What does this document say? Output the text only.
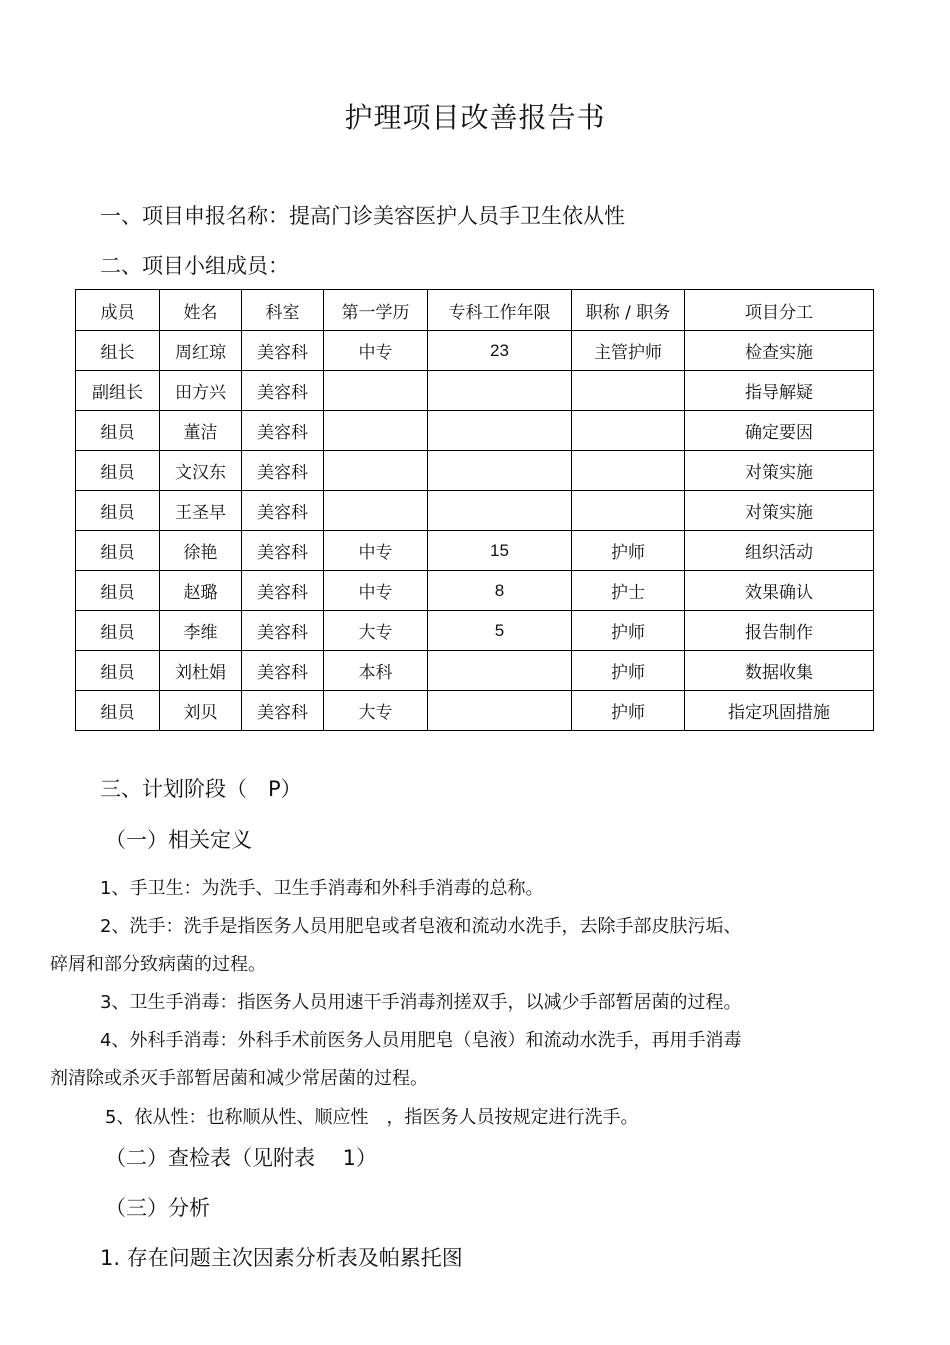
护理项目改善报告书
一、项目申报名称：提高门诊美容医护人员手卫生依从性
二、项目小组成员：
成员	姓名	科室	第一学历	专科工作年限	职称 / 职务	项目分工
组长	周红琼	美容科	中专	23	主管护师	检查实施
副组长	田方兴	美容科				指导解疑
组员	董洁	美容科				确定要因
组员	文汉东	美容科				对策实施
组员	王圣早	美容科				对策实施
组员	徐艳	美容科	中专	15	护师	组织活动
组员	赵璐	美容科	中专	8	护士	效果确认
组员	李维	美容科	大专	5	护师	报告制作
组员	刘杜娟	美容科	本科		护师	数据收集
组员	刘贝	美容科	大专		护师	指定巩固措施
三、计划阶段（　P）
（一）相关定义
1、手卫生：为洗手、卫生手消毒和外科手消毒的总称。
2、洗手：洗手是指医务人员用肥皂或者皂液和流动水洗手，去除手部皮肤污垢、
碎屑和部分致病菌的过程。
3、卫生手消毒：指医务人员用速干手消毒剂搓双手，以减少手部暂居菌的过程。
4、外科手消毒：外科手术前医务人员用肥皂（皂液）和流动水洗手，再用手消毒
剂清除或杀灭手部暂居菌和减少常居菌的过程。
5、依从性：也称顺从性、顺应性　，指医务人员按规定进行洗手。
（二）查检表（见附表　 1）
（三）分析
1. 存在问题主次因素分析表及帕累托图
